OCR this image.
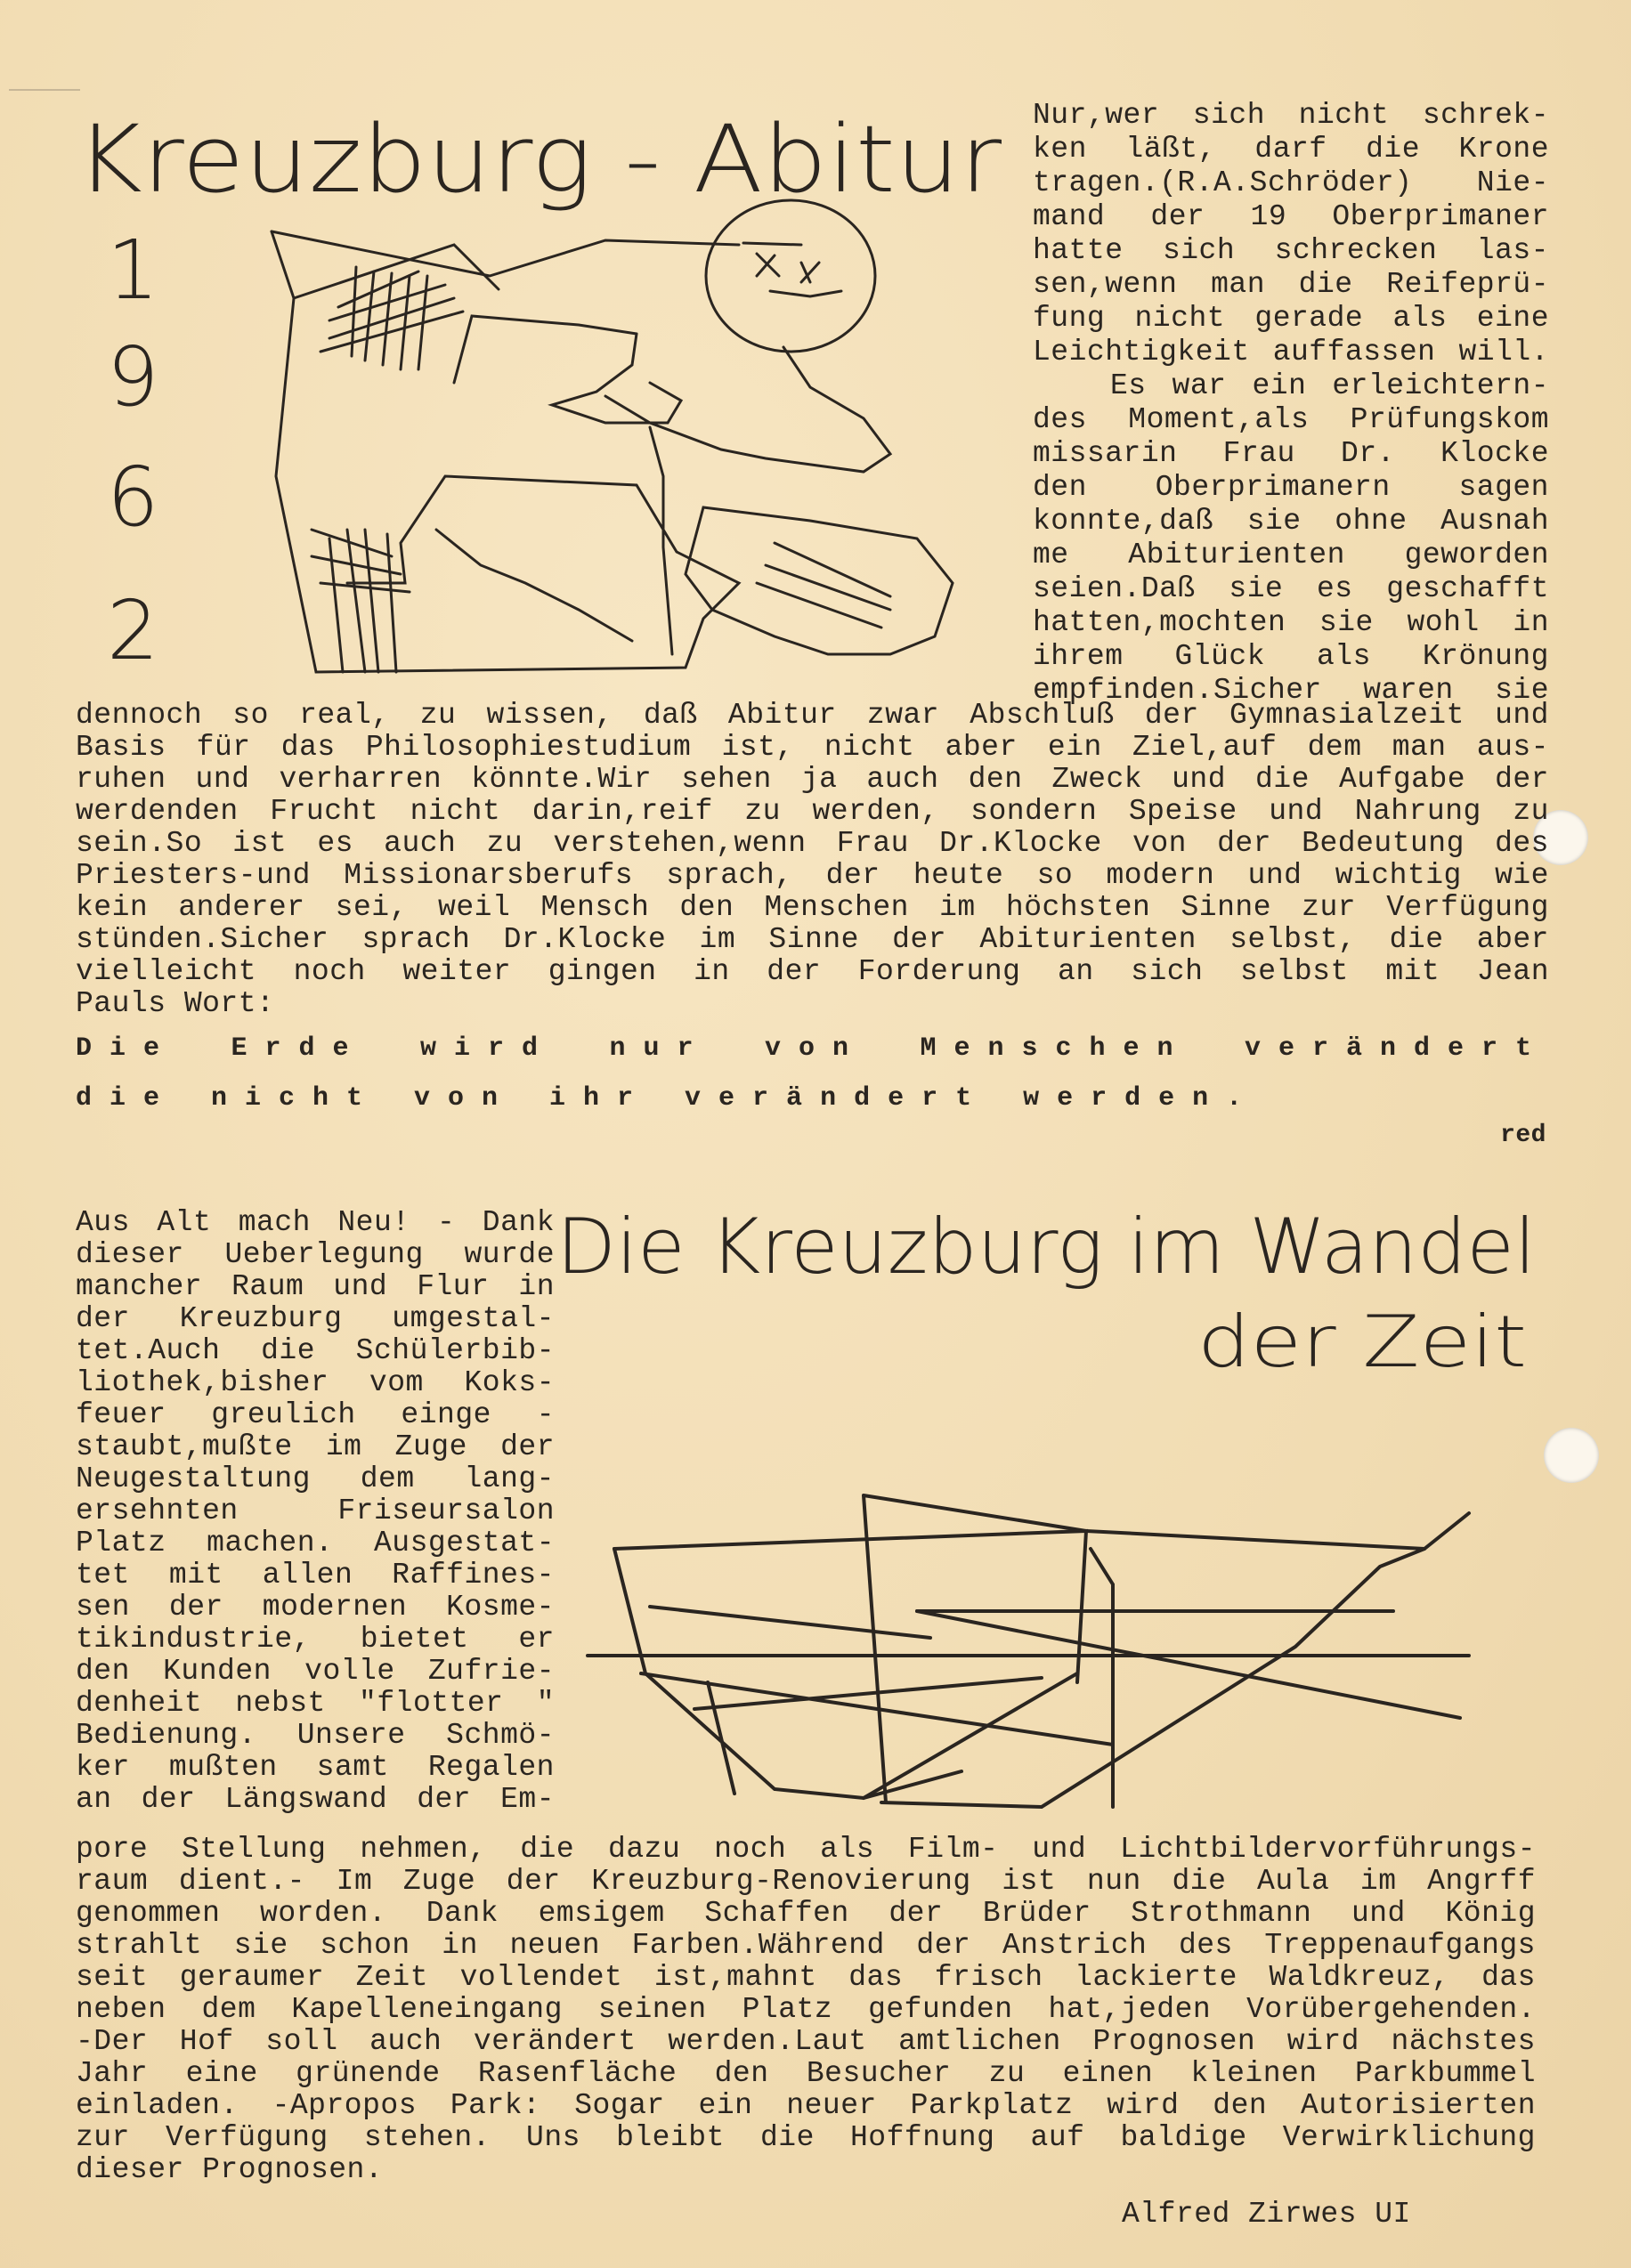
Kreuzburg - Abitur
1
9
6
2
Nur,wer sich nicht schrek-
ken läßt, darf die Krone
tragen.(R.A.Schröder) Nie-
mand der 19 Oberprimaner
hatte sich schrecken las-
sen,wenn man die Reifeprü-
fung nicht gerade als eine
Leichtigkeit auffassen will.
Es war ein erleichtern-
des Moment,als Prüfungskom
missarin Frau Dr. Klocke
den Oberprimanern sagen
konnte,daß sie ohne Ausnah
me Abiturienten geworden
seien.Daß sie es geschafft
hatten,mochten sie wohl in
ihrem Glück als Krönung
empfinden.Sicher waren sie
dennoch so real, zu wissen, daß Abitur zwar Abschluß der Gymnasialzeit und
Basis für das Philosophiestudium ist, nicht aber ein Ziel,auf dem man aus-
ruhen und verharren könnte.Wir sehen ja auch den Zweck und die Aufgabe der
werdenden Frucht nicht darin,reif zu werden, sondern Speise und Nahrung zu
sein.So ist es auch zu verstehen,wenn Frau Dr.Klocke von der Bedeutung des
Priesters-und Missionarsberufs sprach, der heute so modern und wichtig wie
kein anderer sei, weil Mensch den Menschen im höchsten Sinne zur Verfügung
stünden.Sicher sprach Dr.Klocke im Sinne der Abiturienten selbst, die aber
vielleicht noch weiter gingen in der Forderung an sich selbst mit Jean
Pauls Wort:
Die Erde wird nur von Menschen verändert
die nicht von ihr verändert werden.
red
Die Kreuzburg im Wandel
der Zeit
Aus Alt mach Neu! - Dank
dieser Ueberlegung wurde
mancher Raum und Flur in
der Kreuzburg umgestal-
tet.Auch die Schülerbib-
liothek,bisher vom Koks-
feuer greulich einge -
staubt,mußte im Zuge der
Neugestaltung dem lang-
ersehnten Friseursalon
Platz machen. Ausgestat-
tet mit allen Raffines-
sen der modernen Kosme-
tikindustrie, bietet er
den Kunden volle Zufrie-
denheit nebst "flotter "
Bedienung. Unsere Schmö-
ker mußten samt Regalen
an der Längswand der Em-
pore Stellung nehmen, die dazu noch als Film- und Lichtbildervorführungs-
raum dient.- Im Zuge der Kreuzburg-Renovierung ist nun die Aula im Angrff
genommen worden. Dank emsigem Schaffen der Brüder Strothmann und König
strahlt sie schon in neuen Farben.Während der Anstrich des Treppenaufgangs
seit geraumer Zeit vollendet ist,mahnt das frisch lackierte Waldkreuz, das
neben dem Kapelleneingang seinen Platz gefunden hat,jeden Vorübergehenden.
-Der Hof soll auch verändert werden.Laut amtlichen Prognosen wird nächstes
Jahr eine grünende Rasenfläche den Besucher zu einen kleinen Parkbummel
einladen. -Apropos Park: Sogar ein neuer Parkplatz wird den Autorisierten
zur Verfügung stehen. Uns bleibt die Hoffnung auf baldige Verwirklichung
dieser Prognosen.
Alfred Zirwes UI
